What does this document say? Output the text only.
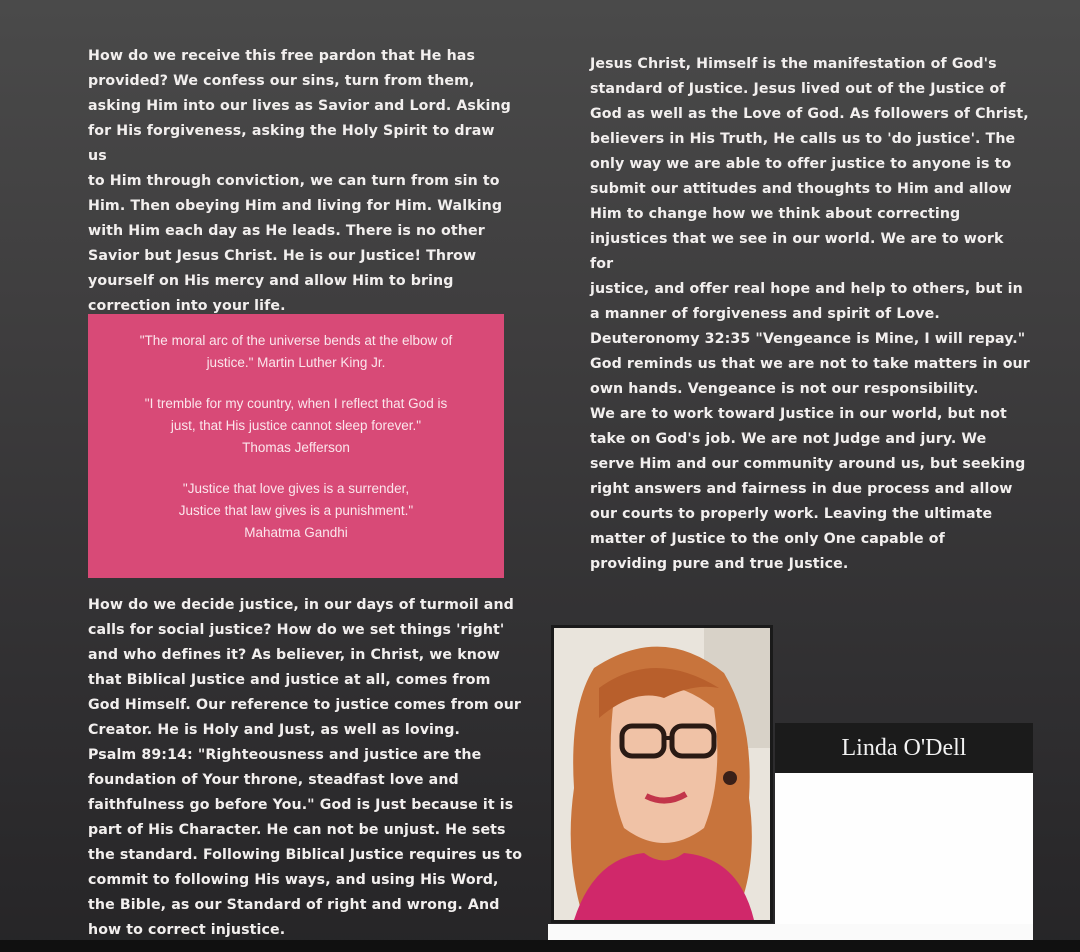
How do we receive this free pardon that He has
provided? We confess our sins, turn from them,
asking Him into our lives as Savior and Lord. Asking
for His forgiveness, asking the Holy Spirit to draw us
to Him through conviction, we can turn from sin to
Him. Then obeying Him and living for Him. Walking
with Him each day as He leads. There is no other
Savior but Jesus Christ. He is our Justice! Throw
yourself on His mercy and allow Him to bring
correction into your life.
"The moral arc of the universe bends at the elbow of
justice." Martin Luther King Jr.
"I tremble for my country, when I reflect that God is
just, that His justice cannot sleep forever."
Thomas Jefferson
"Justice that love gives is a surrender,
Justice that law gives is a punishment."
Mahatma Gandhi
How do we decide justice, in our days of turmoil and
calls for social justice? How do we set things 'right'
and who defines it? As believer, in Christ, we know
that Biblical Justice and justice at all, comes from
God Himself. Our reference to justice comes from our
Creator. He is Holy and Just, as well as loving.
Psalm 89:14: "Righteousness and justice are the
foundation of Your throne, steadfast love and
faithfulness go before You." God is Just because it is
part of His Character. He can not be unjust. He sets
the standard. Following Biblical Justice requires us to
commit to following His ways, and using His Word,
the Bible, as our Standard of right and wrong. And
how to correct injustice.
Jesus Christ, Himself is the manifestation of God's
standard of Justice. Jesus lived out of the Justice of
God as well as the Love of God. As followers of Christ,
believers in His Truth, He calls us to 'do justice'. The
only way we are able to offer justice to anyone is to
submit our attitudes and thoughts to Him and allow
Him to change how we think about correcting
injustices that we see in our world. We are to work for
justice, and offer real hope and help to others, but in
a manner of forgiveness and spirit of Love.
Deuteronomy 32:35 "Vengeance is Mine, I will repay."
God reminds us that we are not to take matters in our
own hands. Vengeance is not our responsibility.
We are to work toward Justice in our world, but not
take on God's job. We are not Judge and jury. We
serve Him and our community around us, but seeking
right answers and fairness in due process and allow
our courts to properly work. Leaving the ultimate
matter of Justice to the only One capable of
providing pure and true Justice.
Linda O'Dell
